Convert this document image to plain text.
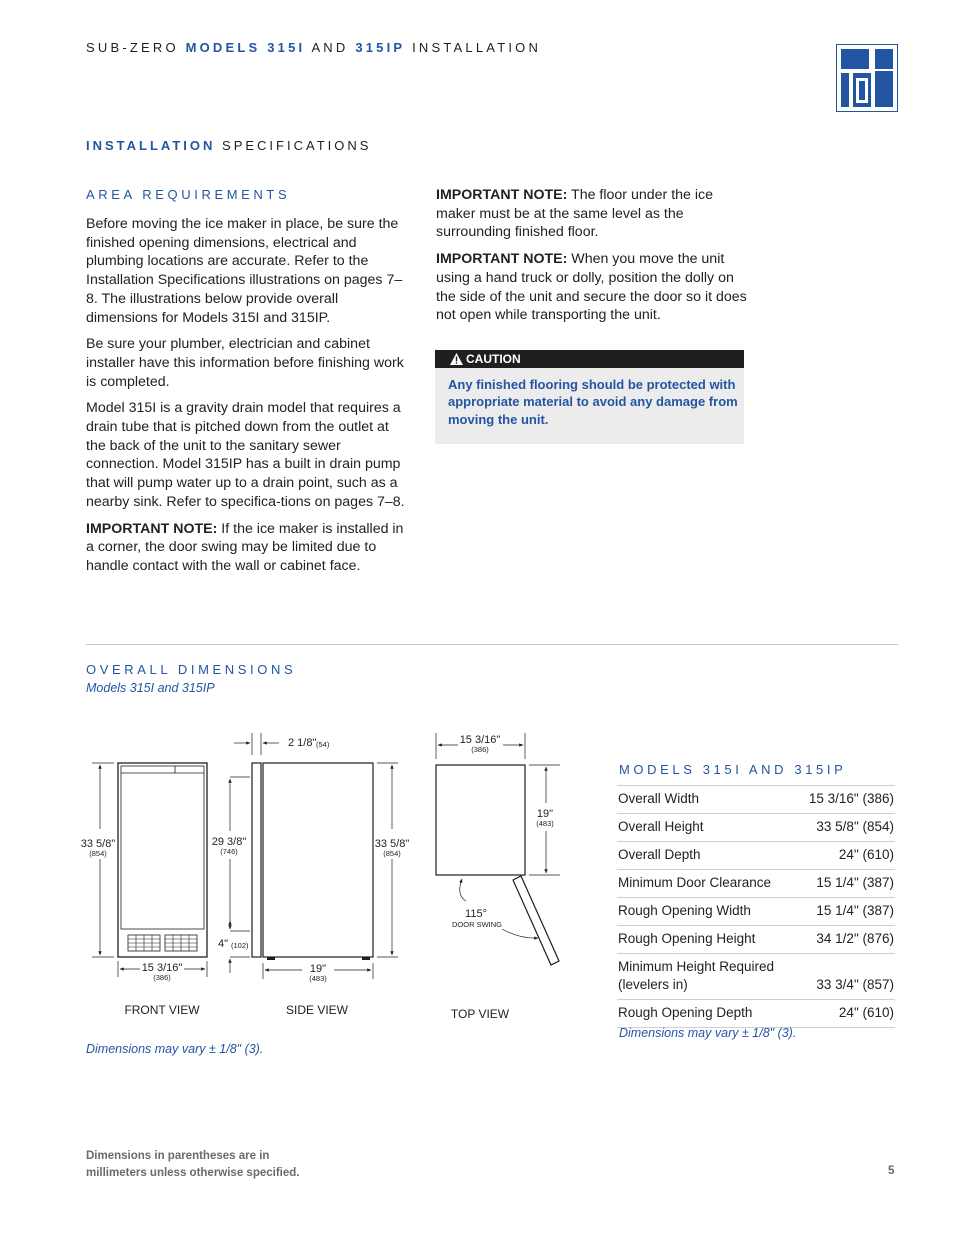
SUB-ZERO MODELS 315I AND 315IP INSTALLATION
INSTALLATION SPECIFICATIONS
AREA REQUIREMENTS

Before moving the ice maker in place, be sure the finished opening dimensions, electrical and plumbing locations are accurate. Refer to the Installation Specifications illustrations on pages 7–8. The illustrations below provide overall dimensions for Models 315I and 315IP.

Be sure your plumber, electrician and cabinet installer have this information before finishing work is completed.

Model 315I is a gravity drain model that requires a drain tube that is pitched down from the outlet at the back of the unit to the sanitary sewer connection. Model 315IP has a built in drain pump that will pump water up to a drain point, such as a nearby sink. Refer to specifica-tions on pages 7–8.

IMPORTANT NOTE: If the ice maker is installed in a corner, the door swing may be limited due to handle contact with the wall or cabinet face.

IMPORTANT NOTE: The floor under the ice maker must be at the same level as the surrounding finished floor.

IMPORTANT NOTE: When you move the unit using a hand truck or dolly, position the dolly on the side of the unit and secure the door so it does not open while transporting the unit.

CAUTION
Any finished flooring should be protected with appropriate material to avoid any damage from moving the unit.
OVERALL DIMENSIONS
Models 315I and 315IP
33 5/8"
(854)
15 3/16"
(386)
FRONT VIEW
2 1/8" (54)
29 3/8"
(746)
4" (102)
33 5/8"
(854)
19"
(483)
SIDE VIEW
15 3/16"
(386)
19"
(483)
115°
DOOR SWING
TOP VIEW
Dimensions may vary ± 1/8" (3).
MODELS 315I AND 315IP
Overall Width	15 3/16" (386)
Overall Height	33 5/8" (854)
Overall Depth	24" (610)
Minimum Door Clearance	15 1/4" (387)
Rough Opening Width	15 1/4" (387)
Rough Opening Height	34 1/2" (876)
Minimum Height Required (levelers in)	33 3/4" (857)
Rough Opening Depth	24" (610)
Dimensions may vary ± 1/8" (3).
Dimensions in parentheses are in
millimeters unless otherwise specified.	5
